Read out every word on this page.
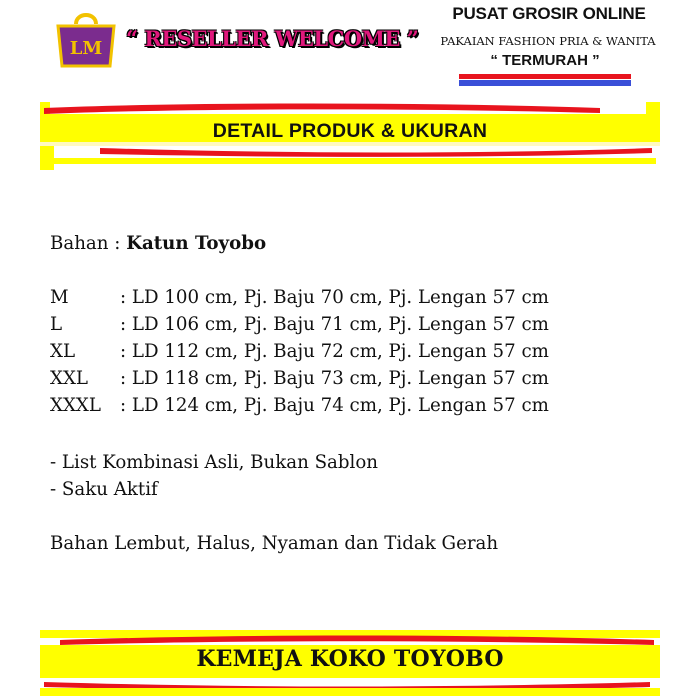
LM “ RESELLER WELCOME ”
PUSAT GROSIR ONLINE
PAKAIAN FASHION PRIA & WANITA
“ TERMURAH ”
DETAIL PRODUK & UKURAN
Bahan : Katun Toyobo
M	: LD 100 cm, Pj. Baju 70 cm, Pj. Lengan 57 cm
L	: LD 106 cm, Pj. Baju 71 cm, Pj. Lengan 57 cm
XL : LD 112 cm, Pj. Baju 72 cm, Pj. Lengan 57 cm
XXL : LD 118 cm, Pj. Baju 73 cm, Pj. Lengan 57 cm
XXXL : LD 124 cm, Pj. Baju 74 cm, Pj. Lengan 57 cm
- List Kombinasi Asli, Bukan Sablon
- Saku Aktif
Bahan Lembut, Halus, Nyaman dan Tidak Gerah
KEMEJA KOKO TOYOBO
